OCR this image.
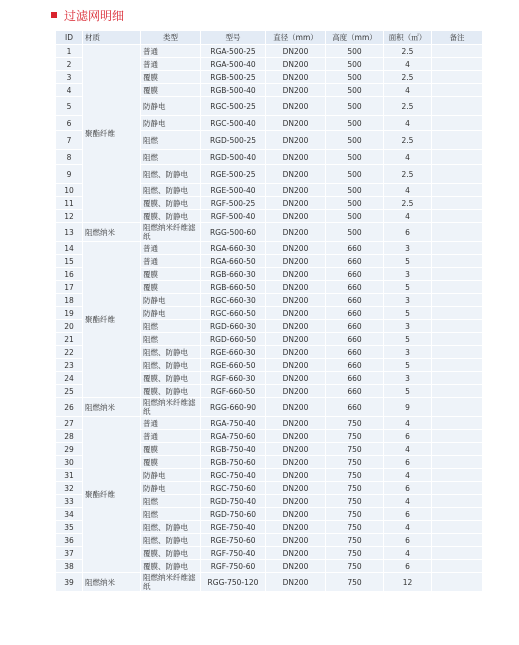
过滤网明细
ID	材质	类型	型号	直径（mm）	高度（mm）	面积（㎡）	备注
1	聚酯纤维	普通	RGA-500-25	DN200	500	2.5	
2		普通	RGA-500-40	DN200	500	4	
3		覆膜	RGB-500-25	DN200	500	2.5	
4		覆膜	RGB-500-40	DN200	500	4	
5		防静电	RGC-500-25	DN200	500	2.5	
6		防静电	RGC-500-40	DN200	500	4	
7		阻燃	RGD-500-25	DN200	500	2.5	
8		阻燃	RGD-500-40	DN200	500	4	
9		阻燃、防静电	RGE-500-25	DN200	500	2.5	
10		阻燃、防静电	RGE-500-40	DN200	500	4	
11		覆膜、防静电	RGF-500-25	DN200	500	2.5	
12		覆膜、防静电	RGF-500-40	DN200	500	4	
13	阻燃纳米	阻燃纳米纤维滤纸	RGG-500-60	DN200	500	6	
14	聚酯纤维	普通	RGA-660-30	DN200	660	3	
15		普通	RGA-660-50	DN200	660	5	
16		覆膜	RGB-660-30	DN200	660	3	
17		覆膜	RGB-660-50	DN200	660	5	
18		防静电	RGC-660-30	DN200	660	3	
19		防静电	RGC-660-50	DN200	660	5	
20		阻燃	RGD-660-30	DN200	660	3	
21		阻燃	RGD-660-50	DN200	660	5	
22		阻燃、防静电	RGE-660-30	DN200	660	3	
23		阻燃、防静电	RGE-660-50	DN200	660	5	
24		覆膜、防静电	RGF-660-30	DN200	660	3	
25		覆膜、防静电	RGF-660-50	DN200	660	5	
26	阻燃纳米	阻燃纳米纤维滤纸	RGG-660-90	DN200	660	9	
27	聚酯纤维	普通	RGA-750-40	DN200	750	4	
28		普通	RGA-750-60	DN200	750	6	
29		覆膜	RGB-750-40	DN200	750	4	
30		覆膜	RGB-750-60	DN200	750	6	
31		防静电	RGC-750-40	DN200	750	4	
32		防静电	RGC-750-60	DN200	750	6	
33		阻燃	RGD-750-40	DN200	750	4	
34		阻燃	RGD-750-60	DN200	750	6	
35		阻燃、防静电	RGE-750-40	DN200	750	4	
36		阻燃、防静电	RGE-750-60	DN200	750	6	
37		覆膜、防静电	RGF-750-40	DN200	750	4	
38		覆膜、防静电	RGF-750-60	DN200	750	6	
39	阻燃纳米	阻燃纳米纤维滤纸	RGG-750-120	DN200	750	12	
